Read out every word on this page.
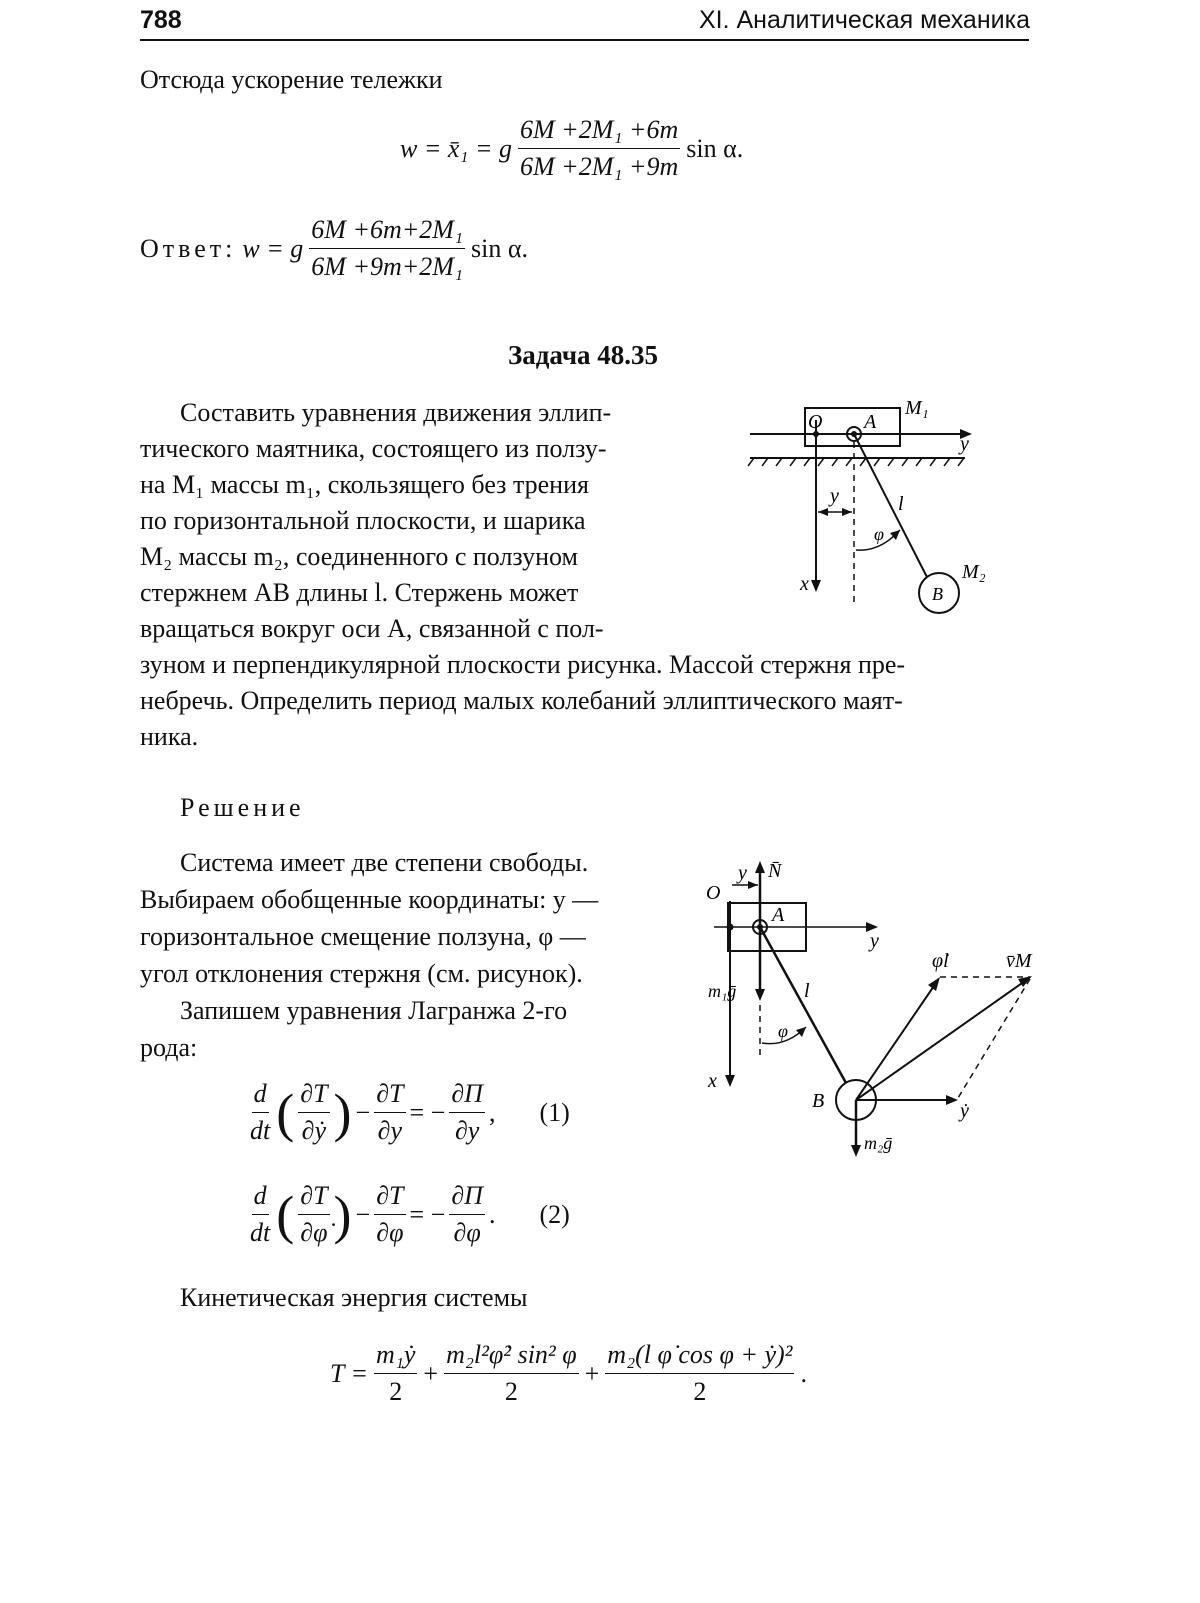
788	XI. Аналитическая механика
Отсюда ускорение тележки
w = x̄₁ = g $\frac{\text{6M +2M₁ +6m}}{\text{6M +2M₁ +9m}}$ sin α.
Ответ: w = g $\frac{\text{6M +6m+2M₁}}{\text{6M +9m+2M₁}}$ sin α.
Задача 48.35
Составить уравнения движения эллип-
тического маятника, состоящего из ползу-
на M₁ массы m₁, скользящего без трения
по горизонтальной плоскости, и шарика
M₂ массы m₂, соединенного с ползуном
стержнем AB длины l. Стержень может
вращаться вокруг оси A, связанной с пол-
зуном и перпендикулярной плоскости рисунка. Массой стержня пре-
небречь. Определить период малых колебаний эллиптического маят-
ника.
O A
M₁
y
y	l
φ
x	B
M₂
Решение
Система имеет две степени свободы.
Выбираем обобщенные координаты: y —
горизонтальное смещение ползуна, φ —
угол отклонения стержня (см. рисунок).
Запишем уравнения Лагранжа 2-го
рода:
y N̄
O
A
y
m₁ḡ	l
φ
x
B	ẏ
m₂ḡ
φ̇l	v̄M
d
dt ( ∂T
∂ẏ ) − $\frac{\partial T}{\partial y}$ = − $\frac{\partial\Pi}{\partial y}$ , (1)
d
dt ( ∂T
∂φ̇ ) − $\frac{\partial T}{\partial\varphi}$ = − $\frac{\partial\Pi}{\partial\varphi}$ . (2)
Кинетическая энергия системы
$T = \frac{\text{m₁ẏ}}{2} + \frac{\text{m₂l²φ̇² sin² φ}}{2} + \frac{\text{m₂(l φ̇ cos φ + ẏ)²}}{2}$ .
